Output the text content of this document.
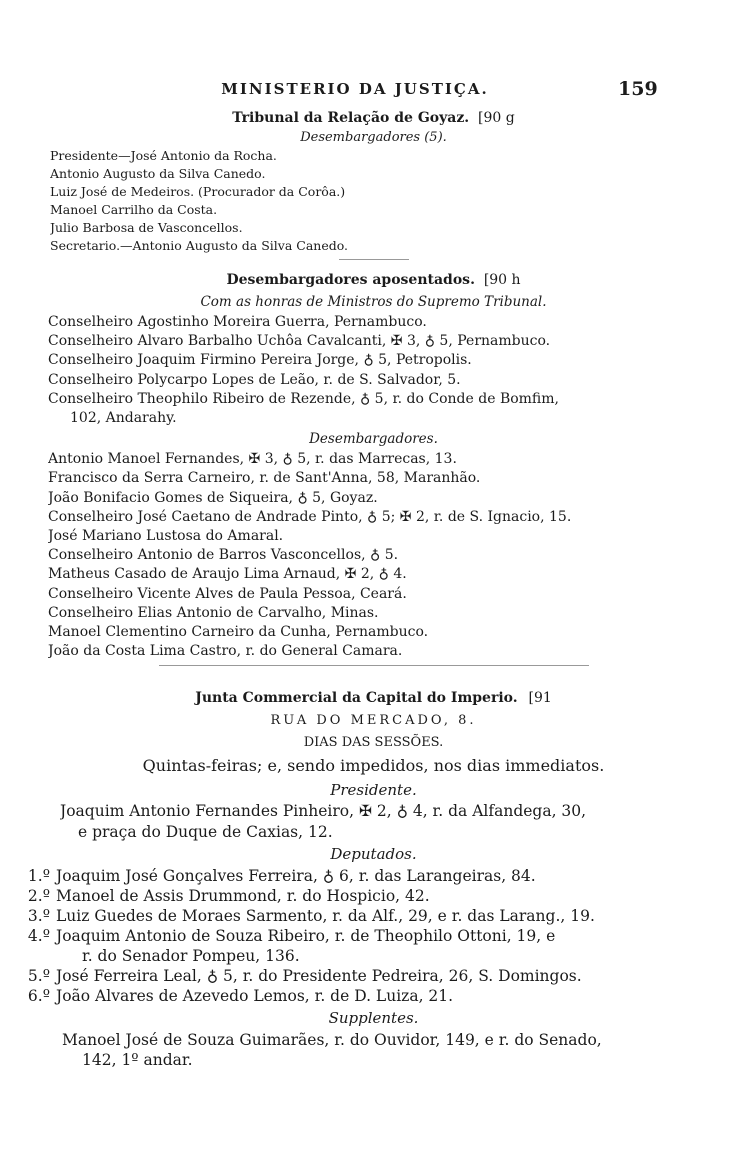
MINISTERIO DA JUSTIÇA.	159
Tribunal da Relação de Goyaz. [90 g
Desembargadores (5).
Presidente—José Antonio da Rocha.
Antonio Augusto da Silva Canedo.
Luiz José de Medeiros. (Procurador da Corôa.)
Manoel Carrilho da Costa.
Julio Barbosa de Vasconcellos.
Secretario.—Antonio Augusto da Silva Canedo.
Desembargadores aposentados. [90 h
Com as honras de Ministros do Supremo Tribunal.
Conselheiro Agostinho Moreira Guerra, Pernambuco.
Conselheiro Alvaro Barbalho Uchôa Cavalcanti, ✠ 3, ♁ 5, Pernambuco.
Conselheiro Joaquim Firmino Pereira Jorge, ♁ 5, Petropolis.
Conselheiro Polycarpo Lopes de Leão, r. de S. Salvador, 5.
Conselheiro Theophilo Ribeiro de Rezende, ♁ 5, r. do Conde de Bomfim,
102, Andarahy.
Desembargadores.
Antonio Manoel Fernandes, ✠ 3, ♁ 5, r. das Marrecas, 13.
Francisco da Serra Carneiro, r. de Sant'Anna, 58, Maranhão.
João Bonifacio Gomes de Siqueira, ♁ 5, Goyaz.
Conselheiro José Caetano de Andrade Pinto, ♁ 5; ✠ 2, r. de S. Ignacio, 15.
José Mariano Lustosa do Amaral.
Conselheiro Antonio de Barros Vasconcellos, ♁ 5.
Matheus Casado de Araujo Lima Arnaud, ✠ 2, ♁ 4.
Conselheiro Vicente Alves de Paula Pessoa, Ceará.
Conselheiro Elias Antonio de Carvalho, Minas.
Manoel Clementino Carneiro da Cunha, Pernambuco.
João da Costa Lima Castro, r. do General Camara.
Junta Commercial da Capital do Imperio. [91
RUA DO MERCADO, 8.
DIAS DAS SESSÕES.
Quintas-feiras; e, sendo impedidos, nos dias immediatos.
Presidente.
Joaquim Antonio Fernandes Pinheiro, ✠ 2, ♁ 4, r. da Alfandega, 30,
e praça do Duque de Caxias, 12.
Deputados.
1.º Joaquim José Gonçalves Ferreira, ♁ 6, r. das Larangeiras, 84.
2.º Manoel de Assis Drummond, r. do Hospicio, 42.
3.º Luiz Guedes de Moraes Sarmento, r. da Alf., 29, e r. das Larang., 19.
4.º Joaquim Antonio de Souza Ribeiro, r. de Theophilo Ottoni, 19, e
r. do Senador Pompeu, 136.
5.º José Ferreira Leal, ♁ 5, r. do Presidente Pedreira, 26, S. Domingos.
6.º João Alvares de Azevedo Lemos, r. de D. Luiza, 21.
Supplentes.
Manoel José de Souza Guimarães, r. do Ouvidor, 149, e r. do Senado,
142, 1º andar.
